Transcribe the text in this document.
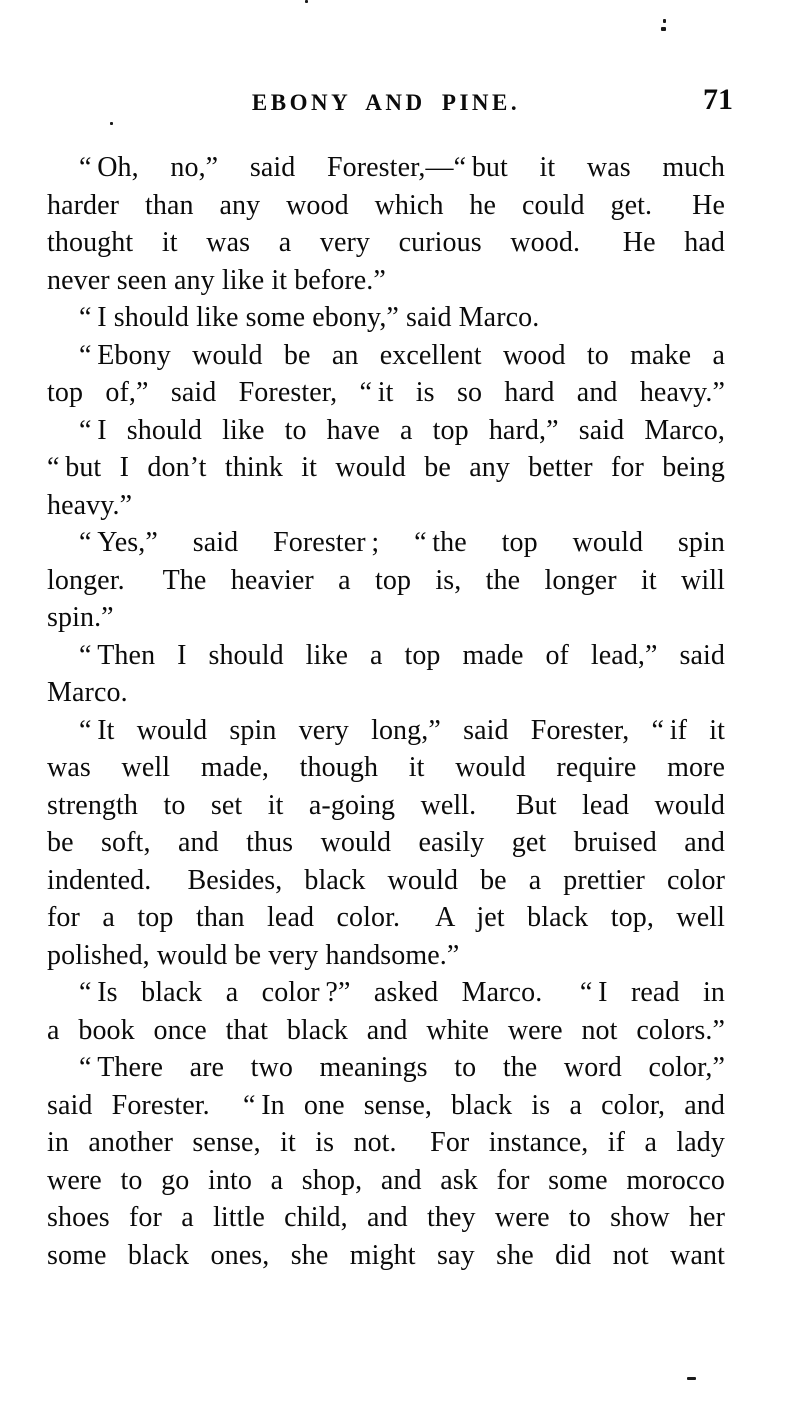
EBONY AND PINE.	71

“ Oh, no,” said Forester,—“ but it was much
harder than any wood which he could get.  He
thought it was a very curious wood.  He had
never seen any like it before.”

“ I should like some ebony,” said Marco.

“ Ebony would be an excellent wood to make a
top of,” said Forester, “ it is so hard and heavy.”

“ I should like to have a top hard,” said Marco,
“ but I don’t think it would be any better for being
heavy.”

“ Yes,” said Forester ; “ the top would spin
longer.  The heavier a top is, the longer it will
spin.”

“ Then I should like a top made of lead,” said
Marco.

“ It would spin very long,” said Forester, “ if it
was well made, though it would require more
strength to set it a-going well.  But lead would
be soft, and thus would easily get bruised and
indented.  Besides, black would be a prettier color
for a top than lead color.  A jet black top, well
polished, would be very handsome.”

“ Is black a color ?” asked Marco.  “ I read in
a book once that black and white were not colors.”

“ There are two meanings to the word color,”
said Forester.  “ In one sense, black is a color, and
in another sense, it is not.  For instance, if a lady
were to go into a shop, and ask for some morocco
shoes for a little child, and they were to show her
some black ones, she might say she did not want
